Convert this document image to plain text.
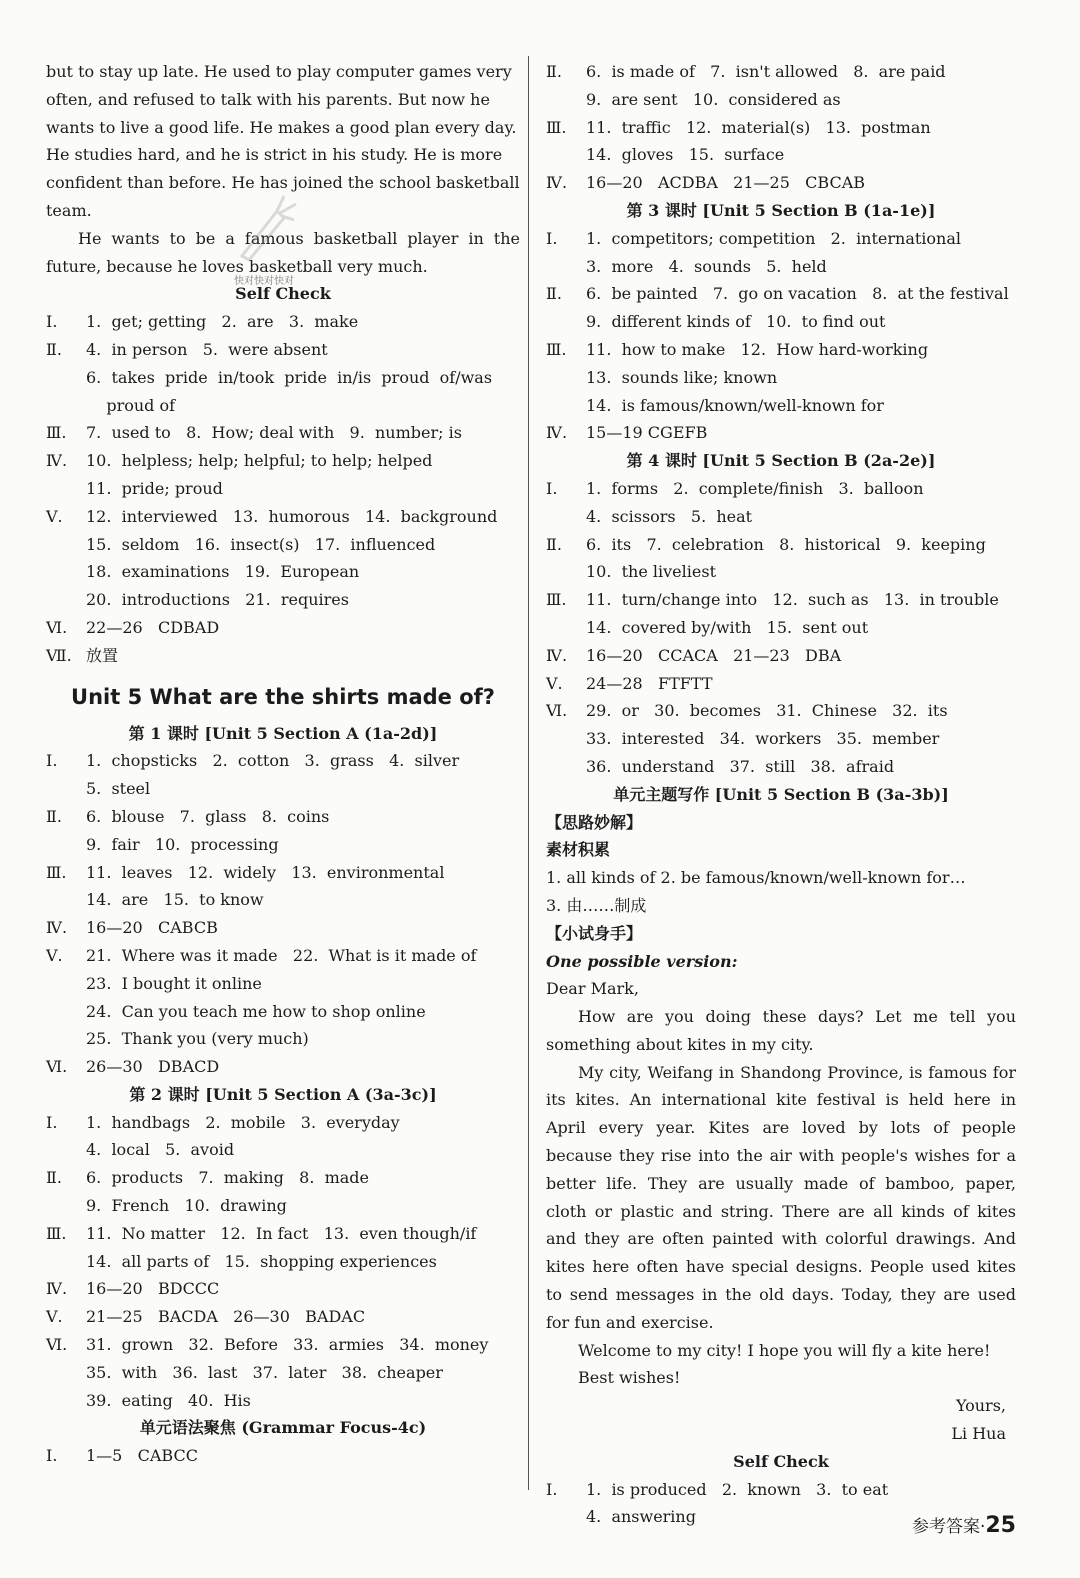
but to stay up late. He used to play computer games very
often, and refused to talk with his parents. But now he
wants to live a good life. He makes a good plan every day.
He studies hard, and he is strict in his study. He is more
confident than before. He has joined the school basketball
team.

He wants to be a famous basketball player in the future, because he loves basketball very much.

Self Check
Ⅰ. 1.  get; getting   2.  are   3.  make
Ⅱ. 4.  in person   5.  were absent
6.  takes  pride  in/took  pride  in/is  proud  of/was
proud of
Ⅲ. 7.  used to   8.  How; deal with   9.  number; is
Ⅳ. 10.  helpless; help; helpful; to help; helped
11.  pride; proud
Ⅴ. 12.  interviewed   13.  humorous   14.  background
15.  seldom   16.  insect(s)   17.  influenced
18.  examinations   19.  European
20.  introductions   21.  requires
Ⅵ. 22—26   CDBAD
Ⅶ. 放置
Unit 5 What are the shirts made of?
第 1 课时 [Unit 5 Section A (1a-2d)]
Ⅰ. 1.  chopsticks   2.  cotton   3.  grass   4.  silver
5.  steel
Ⅱ. 6.  blouse   7.  glass   8.  coins
9.  fair   10.  processing
Ⅲ. 11.  leaves   12.  widely   13.  environmental
14.  are   15.  to know
Ⅳ. 16—20   CABCB
Ⅴ. 21.  Where was it made   22.  What is it made of
23.  I bought it online
24.  Can you teach me how to shop online
25.  Thank you (very much)
Ⅵ. 26—30   DBACD
第 2 课时 [Unit 5 Section A (3a-3c)]
Ⅰ. 1.  handbags   2.  mobile   3.  everyday
4.  local   5.  avoid
Ⅱ. 6.  products   7.  making   8.  made
9.  French   10.  drawing
Ⅲ. 11.  No matter   12.  In fact   13.  even though/if
14.  all parts of   15.  shopping experiences
Ⅳ. 16—20   BDCCC
Ⅴ. 21—25   BACDA   26—30   BADAC
Ⅵ. 31.  grown   32.  Before   33.  armies   34.  money
35.  with   36.  last   37.  later   38.  cheaper
39.  eating   40.  His
单元语法聚焦 (Grammar Focus-4c)
Ⅰ. 1—5   CABCC
Ⅱ. 6.  is made of   7.  isn't allowed   8.  are paid
9.  are sent   10.  considered as
Ⅲ. 11.  traffic   12.  material(s)   13.  postman
14.  gloves   15.  surface
Ⅳ. 16—20   ACDBA   21—25   CBCAB
第 3 课时 [Unit 5 Section B (1a-1e)]
Ⅰ. 1.  competitors; competition   2.  international
3.  more   4.  sounds   5.  held
Ⅱ. 6.  be painted   7.  go on vacation   8.  at the festival
9.  different kinds of   10.  to find out
Ⅲ. 11.  how to make   12.  How hard-working
13.  sounds like; known
14.  is famous/known/well-known for
Ⅳ. 15—19 CGEFB
第 4 课时 [Unit 5 Section B (2a-2e)]
Ⅰ. 1.  forms   2.  complete/finish   3.  balloon
4.  scissors   5.  heat
Ⅱ. 6.  its   7.  celebration   8.  historical   9.  keeping
10.  the liveliest
Ⅲ. 11.  turn/change into   12.  such as   13.  in trouble
14.  covered by/with   15.  sent out
Ⅳ. 16—20   CCACA   21—23   DBA
Ⅴ. 24—28   FTFTT
Ⅵ. 29.  or   30.  becomes   31.  Chinese   32.  its
33.  interested   34.  workers   35.  member
36.  understand   37.  still   38.  afraid
单元主题写作 [Unit 5 Section B (3a-3b)]
【思路妙解】
素材积累
1. all kinds of 2. be famous/known/well-known for…
3. 由……制成
【小试身手】
One possible version:
Dear Mark,

How are you doing these days? Let me tell you something about kites in my city.

My city, Weifang in Shandong Province, is famous for its kites. An international kite festival is held here in April every year. Kites are loved by lots of people because they rise into the air with people's wishes for a better life. They are usually made of bamboo, paper, cloth or plastic and string. There are all kinds of kites and they are often painted with colorful drawings. And kites here often have special designs. People used kites to send messages in the old days. Today, they are used for fun and exercise.

Welcome to my city! I hope you will fly a kite here!

Best wishes!

Yours,
Li Hua
Self Check
Ⅰ. 1.  is produced   2.  known   3.  to eat
4.  answering
快对快对快对
参考答案·25
